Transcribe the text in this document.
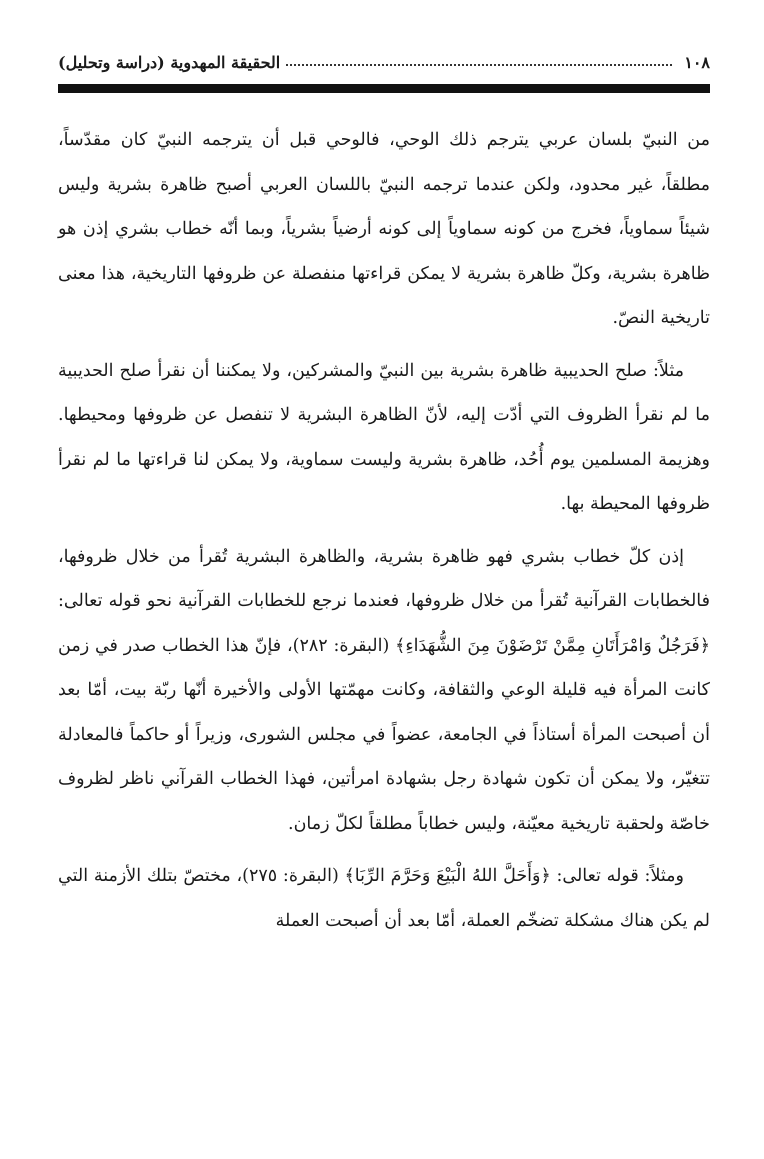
١٠٨
الحقيقة المهدوية (دراسة وتحليل)

من النبيّ بلسان عربي يترجم ذلك الوحي، فالوحي قبل أن يترجمه النبيّ كان مقدّساً، مطلقاً، غير محدود، ولكن عندما ترجمه النبيّ باللسان العربي أصبح ظاهرة بشرية وليس شيئاً سماوياً، فخرج من كونه سماوياً إلى كونه أرضياً بشرياً، وبما أنّه خطاب بشري إذن هو ظاهرة بشرية، وكلّ ظاهرة بشرية لا يمكن قراءتها منفصلة عن ظروفها التاريخية، هذا معنى تاريخية النصّ.

مثلاً: صلح الحديبية ظاهرة بشرية بين النبيّ والمشركين، ولا يمكننا أن نقرأ صلح الحديبية ما لم نقرأ الظروف التي أدّت إليه، لأنّ الظاهرة البشرية لا تنفصل عن ظروفها ومحيطها. وهزيمة المسلمين يوم أُحُد، ظاهرة بشرية وليست سماوية، ولا يمكن لنا قراءتها ما لم نقرأ ظروفها المحيطة بها.

إذن كلّ خطاب بشري فهو ظاهرة بشرية، والظاهرة البشرية تُقرأ من خلال ظروفها، فالخطابات القرآنية تُقرأ من خلال ظروفها، فعندما نرجع للخطابات القرآنية نحو قوله تعالى: ﴿فَرَجُلٌ وَامْرَأَتَانِ مِمَّنْ تَرْضَوْنَ مِنَ الشُّهَدَاءِ﴾ (البقرة: ٢٨٢)، فإنّ هذا الخطاب صدر في زمن كانت المرأة فيه قليلة الوعي والثقافة، وكانت مهمّتها الأولى والأخيرة أنّها ربّة بيت، أمّا بعد أن أصبحت المرأة أستاذاً في الجامعة، عضواً في مجلس الشورى، وزيراً أو حاكماً فالمعادلة تتغيّر، ولا يمكن أن تكون شهادة رجل بشهادة امرأتين، فهذا الخطاب القرآني ناظر لظروف خاصّة ولحقبة تاريخية معيّنة، وليس خطاباً مطلقاً لكلّ زمان.

ومثلاً: قوله تعالى: ﴿وَأَحَلَّ اللهُ الْبَيْعَ وَحَرَّمَ الرِّبَا﴾ (البقرة: ٢٧٥)، مختصّ بتلك الأزمنة التي لم يكن هناك مشكلة تضخّم العملة، أمّا بعد أن أصبحت العملة
